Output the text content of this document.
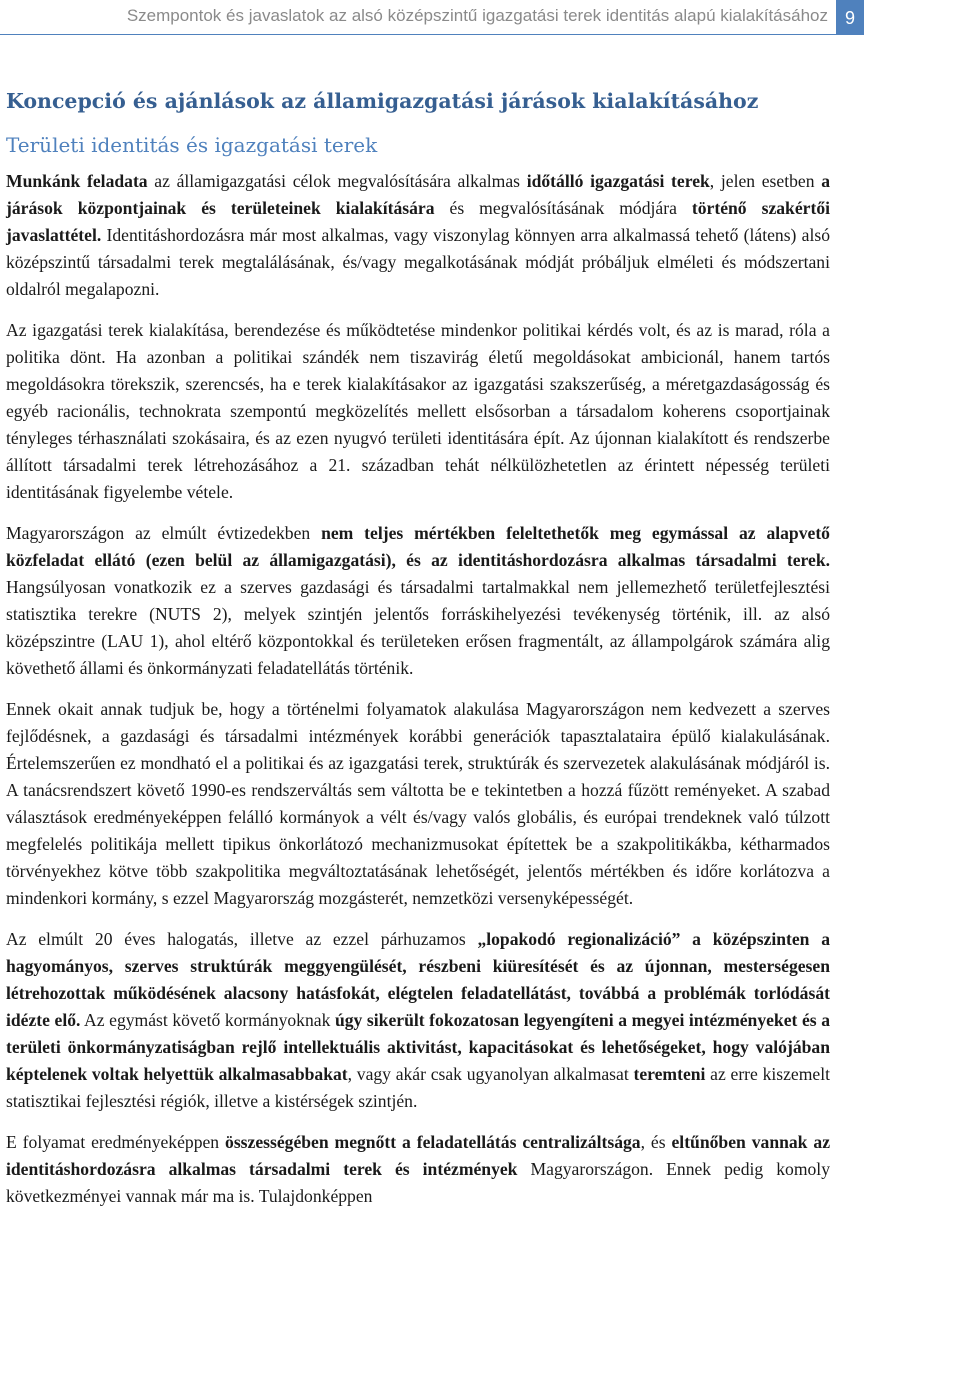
Szempontok és javaslatok az alsó középszintű igazgatási terek identitás alapú kialakításához 9
Koncepció és ajánlások az államigazgatási járások kialakításához
Területi identitás és igazgatási terek

Munkánk feladata az államigazgatási célok megvalósítására alkalmas időtálló igazgatási terek, jelen esetben a járások központjainak és területeinek kialakítására és megvalósításának módjára történő szakértői javaslattétel. Identitáshordozásra már most alkalmas, vagy viszonylag könnyen arra alkalmassá tehető (látens) alsó középszintű társadalmi terek megtalálásának, és/vagy megalkotásának módját próbáljuk elméleti és módszertani oldalról megalapozni.

Az igazgatási terek kialakítása, berendezése és működtetése mindenkor politikai kérdés volt, és az is marad, róla a politika dönt. Ha azonban a politikai szándék nem tiszavirág életű megoldásokat ambicionál, hanem tartós megoldásokra törekszik, szerencsés, ha e terek kialakításakor az igazgatási szakszerűség, a méretgazdaságosság és egyéb racionális, technokrata szempontú megközelítés mellett elsősorban a társadalom koherens csoportjainak tényleges térhasználati szokásaira, és az ezen nyugvó területi identitására épít. Az újonnan kialakított és rendszerbe állított társadalmi terek létrehozásához a 21. században tehát nélkülözhetetlen az érintett népesség területi identitásának figyelembe vétele.

Magyarországon az elmúlt évtizedekben nem teljes mértékben feleltethetők meg egymással az alapvető közfeladat ellátó (ezen belül az államigazgatási), és az identitáshordozásra alkalmas társadalmi terek. Hangsúlyosan vonatkozik ez a szerves gazdasági és társadalmi tartalmakkal nem jellemezhető területfejlesztési statisztika terekre (NUTS 2), melyek szintjén jelentős forráskihelyezési tevékenység történik, ill. az alsó középszintre (LAU 1), ahol eltérő központokkal és területeken erősen fragmentált, az állampolgárok számára alig követhető állami és önkormányzati feladatellátás történik.

Ennek okait annak tudjuk be, hogy a történelmi folyamatok alakulása Magyarországon nem kedvezett a szerves fejlődésnek, a gazdasági és társadalmi intézmények korábbi generációk tapasztalataira épülő kialakulásának. Értelemszerűen ez mondható el a politikai és az igazgatási terek, struktúrák és szervezetek alakulásának módjáról is. A tanácsrendszert követő 1990-es rendszerváltás sem váltotta be e tekintetben a hozzá fűzött reményeket. A szabad választások eredményeképpen felálló kormányok a vélt és/vagy valós globális, és európai trendeknek való túlzott megfelelés politikája mellett tipikus önkorlátozó mechanizmusokat építettek be a szakpolitikákba, kétharmados törvényekhez kötve több szakpolitika megváltoztatásának lehetőségét, jelentős mértékben és időre korlátozva a mindenkori kormány, s ezzel Magyarország mozgásterét, nemzetközi versenyképességét.

Az elmúlt 20 éves halogatás, illetve az ezzel párhuzamos „lopakodó regionalizáció” a középszinten a hagyományos, szerves struktúrák meggyengülését, részbeni kiüresítését és az újonnan, mesterségesen létrehozottak működésének alacsony hatásfokát, elégtelen feladatellátást, továbbá a problémák torlódását idézte elő. Az egymást követő kormányoknak úgy sikerült fokozatosan legyengíteni a megyei intézményeket és a területi önkormányzatiságban rejlő intellektuális aktivitást, kapacitásokat és lehetőségeket, hogy valójában képtelenek voltak helyettük alkalmasabbakat, vagy akár csak ugyanolyan alkalmasat teremteni az erre kiszemelt statisztikai fejlesztési régiók, illetve a kistérségek szintjén.

E folyamat eredményeképpen összességében megnőtt a feladatellátás centralizáltsága, és eltűnőben vannak az identitáshordozásra alkalmas társadalmi terek és intézmények Magyarországon. Ennek pedig komoly következményei vannak már ma is. Tulajdonképpen
